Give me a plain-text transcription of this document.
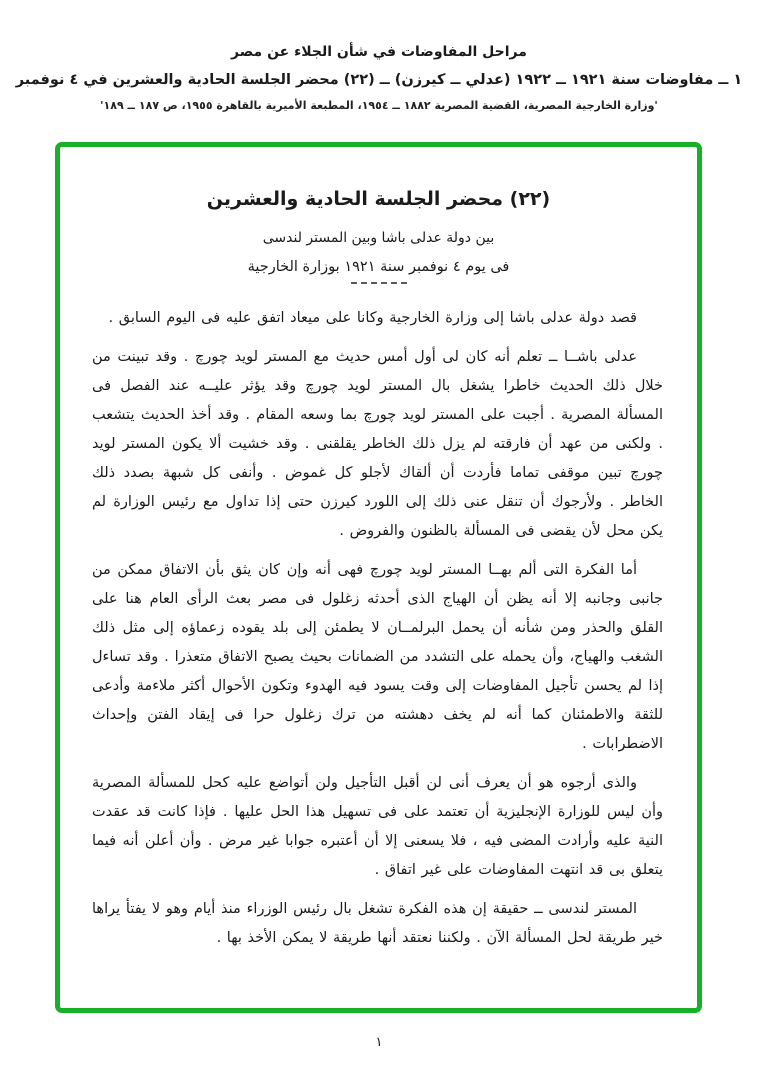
مراحل المفاوضات في شأن الجلاء عن مصر
١ ــ مفاوضات سنة ١٩٢١ ــ ١٩٢٢ (عدلي ــ كيرزن) ــ (٢٢) محضر الجلسة الحادية والعشرين في ٤ نوفمبر
'وزارة الخارجية المصرية، القضية المصرية ١٨٨٢ ــ ١٩٥٤، المطبعة الأميرية بالقاهرة ١٩٥٥، ص ١٨٧ ــ ١٨٩'
(٢٢) محضر الجلسة الحادية والعشرين
بين دولة عدلى باشا وبين المستر لندسى
فى يوم ٤ نوفمبر سنة ١٩٢١ بوزارة الخارجية

قصد دولة عدلى باشا إلى وزارة الخارجية وكانا على ميعاد اتفق عليه فى اليوم السابق .

عدلى باشــا ــ تعلم أنه كان لى أول أمس حديث مع المستر لويد چورچ . وقد تبينت من خلال ذلك الحديث خاطرا يشغل بال المستر لويد چورچ وقد يؤثر عليــه عند الفصل فى المسألة المصرية . أجبت على المستر لويد چورچ بما وسعه المقام . وقد أخذ الحديث يتشعب . ولكنى من عهد أن فارقته لم يزل ذلك الخاطر يقلقنى . وقد خشيت ألا يكون المستر لويد چورچ تبين موقفى تماما فأردت أن ألقاك لأجلو كل غموض . وأنفى كل شبهة بصدد ذلك الخاطر . ولأرجوك أن تنقل عنى ذلك إلى اللورد كيرزن حتى إذا تداول مع رئيس الوزارة لم يكن محل لأن يقضى فى المسألة بالظنون والفروض .

أما الفكرة التى ألم بهــا المستر لويد چورچ فهى أنه وإن كان يثق بأن الاتفاق ممكن من جانبى وجانبه إلا أنه يظن أن الهياج الذى أحدثه زغلول فى مصر بعث الرأى العام هنا على القلق والحذر ومن شأنه أن يحمل البرلمــان لا يطمئن إلى بلد يقوده زعماؤه إلى مثل ذلك الشغب والهياج، وأن يحمله على التشدد من الضمانات بحيث يصبح الاتفاق متعذرا . وقد تساءل إذا لم يحسن تأجيل المفاوضات إلى وقت يسود فيه الهدوء وتكون الأحوال أكثر ملاءمة وأدعى للثقة والاطمئنان كما أنه لم يخف دهشته من ترك زغلول حرا فى إيقاد الفتن وإحداث الاضطرابات .

والذى أرجوه هو أن يعرف أنى لن أقبل التأجيل ولن أتواضع عليه كحل للمسألة المصرية وأن ليس للوزارة الإنجليزية أن تعتمد على فى تسهيل هذا الحل عليها . فإذا كانت قد عقدت النية عليه وأرادت المضى فيه ، فلا يسعنى إلا أن أعتبره جوابا غير مرض . وأن أعلن أنه فيما يتعلق بى قد انتهت المفاوضات على غير اتفاق .

المستر لندسى ــ حقيقة إن هذه الفكرة تشغل بال رئيس الوزراء منذ أيام وهو لا يفتأ يراها خير طريقة لحل المسألة الآن . ولكننا نعتقد أنها طريقة لا يمكن الأخذ بها .

١
